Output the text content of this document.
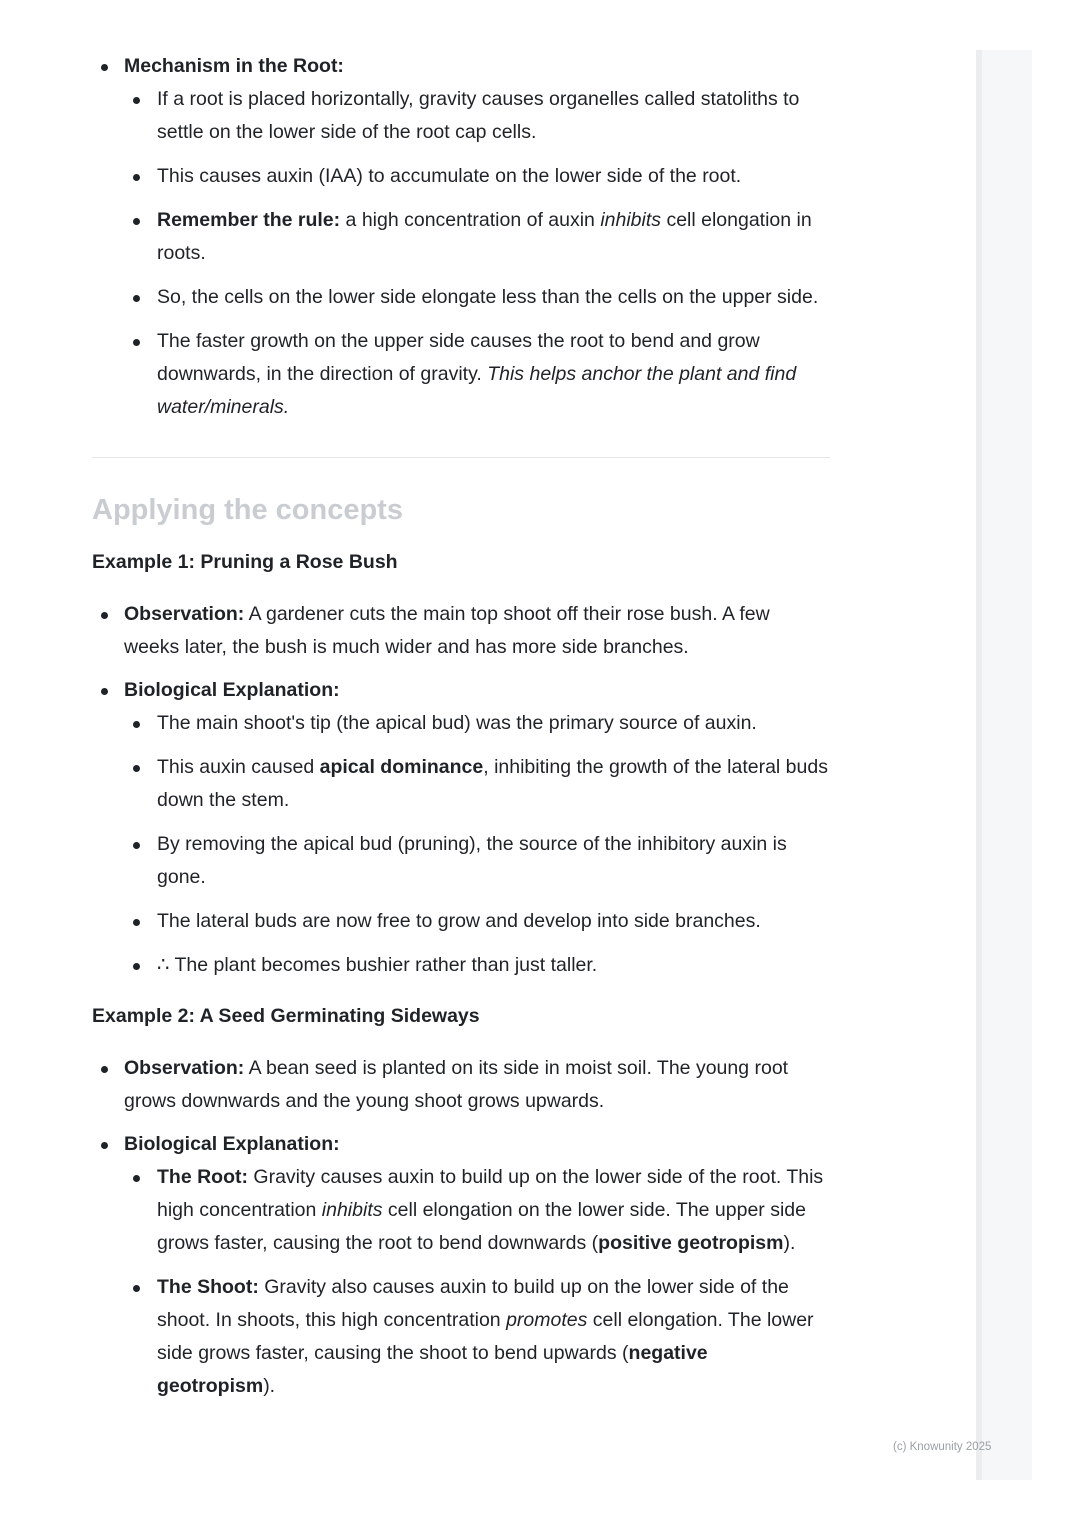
Mechanism in the Root:
If a root is placed horizontally, gravity causes organelles called statoliths to settle on the lower side of the root cap cells.
This causes auxin (IAA) to accumulate on the lower side of the root.
Remember the rule: a high concentration of auxin inhibits cell elongation in roots.
So, the cells on the lower side elongate less than the cells on the upper side.
The faster growth on the upper side causes the root to bend and grow downwards, in the direction of gravity. This helps anchor the plant and find water/minerals.
Applying the concepts
Example 1: Pruning a Rose Bush
Observation: A gardener cuts the main top shoot off their rose bush. A few weeks later, the bush is much wider and has more side branches.
Biological Explanation:
The main shoot's tip (the apical bud) was the primary source of auxin.
This auxin caused apical dominance, inhibiting the growth of the lateral buds down the stem.
By removing the apical bud (pruning), the source of the inhibitory auxin is gone.
The lateral buds are now free to grow and develop into side branches.
∴ The plant becomes bushier rather than just taller.
Example 2: A Seed Germinating Sideways
Observation: A bean seed is planted on its side in moist soil. The young root grows downwards and the young shoot grows upwards.
Biological Explanation:
The Root: Gravity causes auxin to build up on the lower side of the root. This high concentration inhibits cell elongation on the lower side. The upper side grows faster, causing the root to bend downwards (positive geotropism).
The Shoot: Gravity also causes auxin to build up on the lower side of the shoot. In shoots, this high concentration promotes cell elongation. The lower side grows faster, causing the shoot to bend upwards (negative geotropism).
(c) Knowunity 2025
